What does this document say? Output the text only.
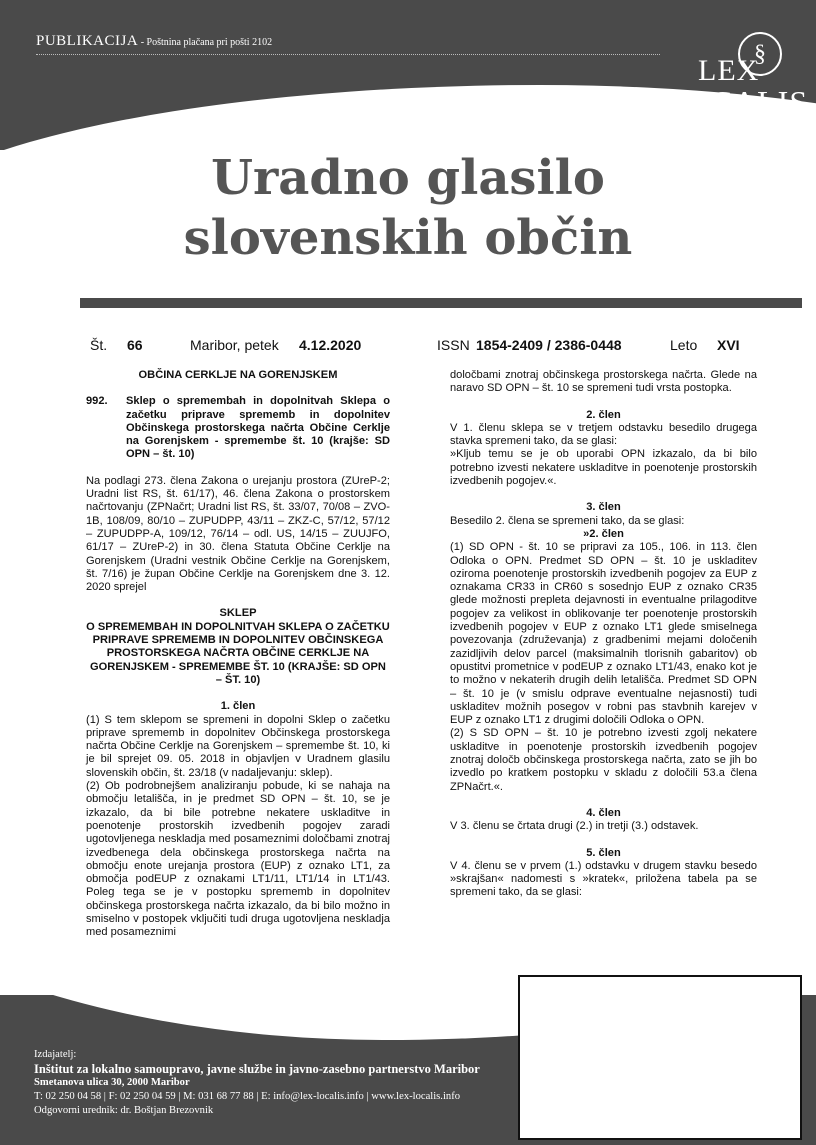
PUBLIKACIJA - Poštnina plačana pri pošti 2102	§
LEX
LOCALIS
Uradno glasilo
slovenskih občin
Št. 66	Maribor, petek 4.12.2020	ISSN 1854-2409 / 2386-0448	Leto XVI

OBČINA CERKLJE NA GORENJSKEM

992.	Sklep o spremembah in dopolnitvah Sklepa o začetku priprave sprememb in dopolnitev Občinskega prostorskega načrta Občine Cerklje na Gorenjskem - spremembe št. 10 (krajše: SD OPN – št. 10)

Na podlagi 273. člena Zakona o urejanju prostora (ZUreP-2; Uradni list RS, št. 61/17), 46. člena Zakona o prostorskem načrtovanju (ZPNačrt; Uradni list RS, št. 33/07, 70/08 – ZVO-1B, 108/09, 80/10 – ZUPUDPP, 43/11 – ZKZ-C, 57/12, 57/12 – ZUPUDPP-A, 109/12, 76/14 – odl. US, 14/15 – ZUUJFO, 61/17 – ZUreP-2) in 30. člena Statuta Občine Cerklje na Gorenjskem (Uradni vestnik Občine Cerklje na Gorenjskem, št. 7/16) je župan Občine Cerklje na Gorenjskem dne 3. 12. 2020 sprejel

SKLEP

O SPREMEMBAH IN DOPOLNITVAH SKLEPA O ZAČETKU PRIPRAVE SPREMEMB IN DOPOLNITEV OBČINSKEGA PROSTORSKEGA NAČRTA OBČINE CERKLJE NA GORENJSKEM - SPREMEMBE ŠT. 10 (KRAJŠE: SD OPN – ŠT. 10)

1. člen

(1) S tem sklepom se spremeni in dopolni Sklep o začetku priprave sprememb in dopolnitev Občinskega prostorskega načrta Občine Cerklje na Gorenjskem – spremembe št. 10, ki je bil sprejet 09. 05. 2018 in objavljen v Uradnem glasilu slovenskih občin, št. 23/18 (v nadaljevanju: sklep).

(2) Ob podrobnejšem analiziranju pobude, ki se nahaja na območju letališča, in je predmet SD OPN – št. 10, se je izkazalo, da bi bile potrebne nekatere uskladitve in poenotenje prostorskih izvedbenih pogojev zaradi ugotovljenega neskladja med posameznimi določbami znotraj izvedbenega dela občinskega prostorskega načrta na območju enote urejanja prostora (EUP) z oznako LT1, za območja podEUP z oznakami LT1/11, LT1/14 in LT1/43. Poleg tega se je v postopku sprememb in dopolnitev občinskega prostorskega načrta izkazalo, da bi bilo možno in smiselno v postopek vključiti tudi druga ugotovljena neskladja med posameznimi

določbami znotraj občinskega prostorskega načrta. Glede na naravo SD OPN – št. 10 se spremeni tudi vrsta postopka.

2. člen

V 1. členu sklepa se v tretjem odstavku besedilo drugega stavka spremeni tako, da se glasi:

»Kljub temu se je ob uporabi OPN izkazalo, da bi bilo potrebno izvesti nekatere uskladitve in poenotenje prostorskih izvedbenih pogojev.«.

3. člen

Besedilo 2. člena se spremeni tako, da se glasi:

»2. člen

(1) SD OPN - št. 10 se pripravi za 105., 106. in 113. člen Odloka o OPN. Predmet SD OPN – št. 10 je uskladitev oziroma poenotenje prostorskih izvedbenih pogojev za EUP z oznakama CR33 in CR60 s sosednjo EUP z oznako CR35 glede možnosti prepleta dejavnosti in eventualne prilagoditve pogojev za velikost in oblikovanje ter poenotenje prostorskih izvedbenih pogojev v EUP z oznako LT1 glede smiselnega povezovanja (združevanja) z gradbenimi mejami določenih zazidljivih delov parcel (maksimalnih tlorisnih gabaritov) ob opustitvi prometnice v podEUP z oznako LT1/43, enako kot je to možno v nekaterih drugih delih letališča. Predmet SD OPN – št. 10 je (v smislu odprave eventualne nejasnosti) tudi uskladitev možnih posegov v robni pas stavbnih karejev v EUP z oznako LT1 z drugimi določili Odloka o OPN.

(2) S SD OPN – št. 10 je potrebno izvesti zgolj nekatere uskladitve in poenotenje prostorskih izvedbenih pogojev znotraj določb občinskega prostorskega načrta, zato se jih bo izvedlo po kratkem postopku v skladu z določili 53.a člena ZPNačrt.«.

4. člen

V 3. členu se črtata drugi (2.) in tretji (3.) odstavek.

5. člen

V 4. členu se v prvem (1.) odstavku v drugem stavku besedo »skrajšan« nadomesti s »kratek«, priložena tabela pa se spremeni tako, da se glasi:

Izdajatelj:
Inštitut za lokalno samoupravo, javne službe in javno-zasebno partnerstvo Maribor
Smetanova ulica 30, 2000 Maribor
T: 02 250 04 58 | F: 02 250 04 59 | M: 031 68 77 88 | E: info@lex-localis.info | www.lex-localis.info
Odgovorni urednik: dr. Boštjan Brezovnik
